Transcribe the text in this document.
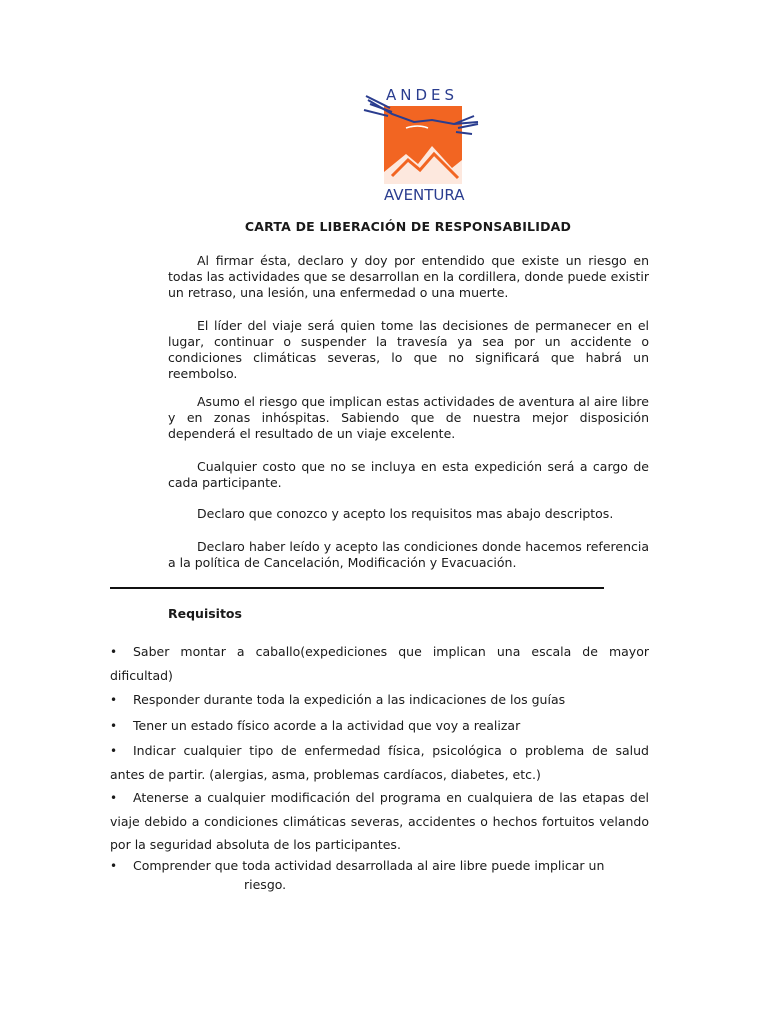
ANDES
AVENTURA
CARTA DE LIBERACIÓN DE RESPONSABILIDAD

Al firmar ésta, declaro y doy por entendido que existe un riesgo en todas las actividades que se desarrollan en la cordillera, donde puede existir un retraso, una lesión, una enfermedad o una muerte.

El líder del viaje será quien tome las decisiones de permanecer en el lugar, continuar o suspender la travesía ya sea por un accidente o condiciones climáticas severas, lo que no significará que habrá un reembolso.

Asumo el riesgo que implican estas actividades de aventura al aire libre y en zonas inhóspitas. Sabiendo que de nuestra mejor disposición dependerá el resultado de un viaje excelente.

Cualquier costo que no se incluya en esta expedición será a cargo de cada participante.

Declaro que conozco y acepto los requisitos mas abajo descriptos.

Declaro haber leído y acepto las condiciones donde hacemos referencia a la política de Cancelación, Modificación y Evacuación.

Requisitos

• Saber montar a caballo(expediciones que implican una escala de mayor dificultad)

• Responder durante toda la expedición a las indicaciones de los guías

• Tener un estado físico acorde a la actividad que voy a realizar

• Indicar cualquier tipo de enfermedad física, psicológica o problema de salud antes de partir. (alergias, asma, problemas cardíacos, diabetes, etc.)

• Atenerse a cualquier modificación del programa en cualquiera de las etapas del viaje debido a condiciones climáticas severas, accidentes o hechos fortuitos velando por la seguridad absoluta de los participantes.

• Comprender que toda actividad desarrollada al aire libre puede implicar un

riesgo.
